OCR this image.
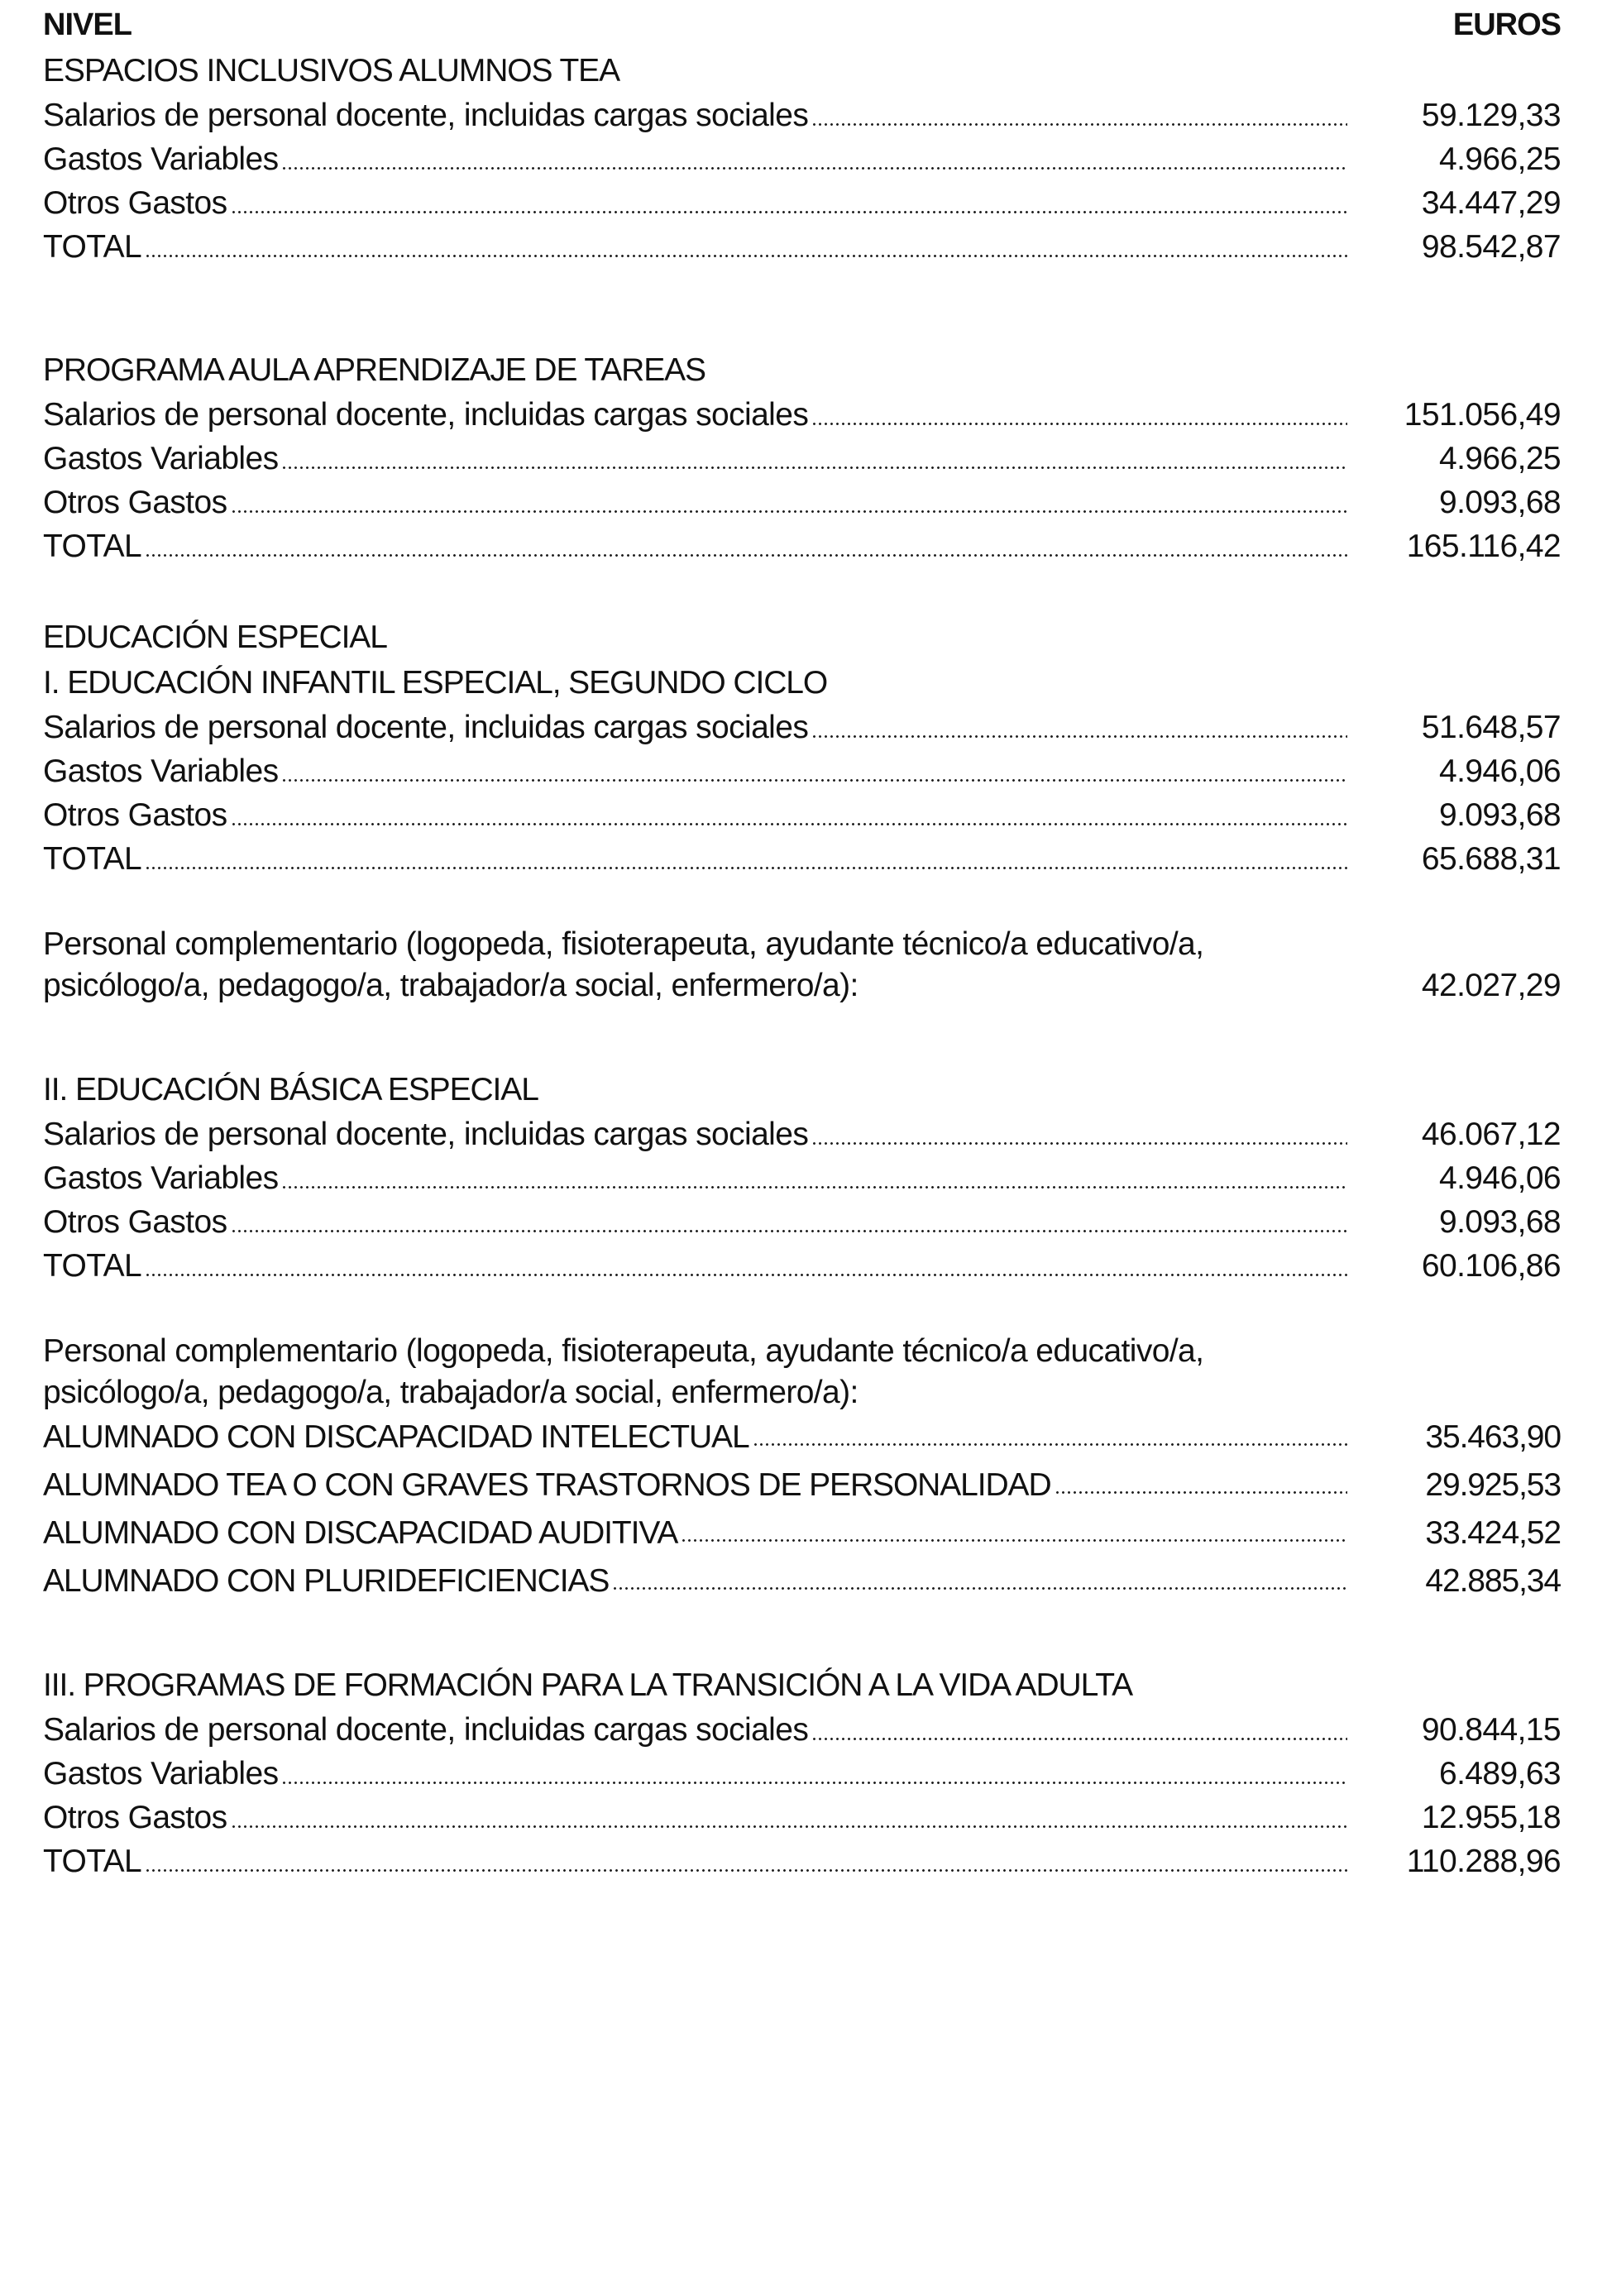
NIVEL	EUROS
ESPACIOS INCLUSIVOS ALUMNOS TEA
Salarios de personal docente, incluidas cargas sociales	59.129,33
Gastos Variables	4.966,25
Otros Gastos	34.447,29
TOTAL	98.542,87
PROGRAMA AULA APRENDIZAJE DE TAREAS
Salarios de personal docente, incluidas cargas sociales	151.056,49
Gastos Variables	4.966,25
Otros Gastos	9.093,68
TOTAL	165.116,42
EDUCACIÓN ESPECIAL
I. EDUCACIÓN INFANTIL ESPECIAL, SEGUNDO CICLO
Salarios de personal docente, incluidas cargas sociales	51.648,57
Gastos Variables	4.946,06
Otros Gastos	9.093,68
TOTAL	65.688,31
Personal complementario (logopeda, fisioterapeuta, ayudante técnico/a educativo/a,
psicólogo/a, pedagogo/a, trabajador/a social, enfermero/a):	42.027,29
II. EDUCACIÓN BÁSICA ESPECIAL
Salarios de personal docente, incluidas cargas sociales	46.067,12
Gastos Variables	4.946,06
Otros Gastos	9.093,68
TOTAL	60.106,86
Personal complementario (logopeda, fisioterapeuta, ayudante técnico/a educativo/a,
psicólogo/a, pedagogo/a, trabajador/a social, enfermero/a):
ALUMNADO CON DISCAPACIDAD INTELECTUAL	35.463,90
ALUMNADO TEA O CON GRAVES TRASTORNOS DE PERSONALIDAD	29.925,53
ALUMNADO CON DISCAPACIDAD AUDITIVA	33.424,52
ALUMNADO CON PLURIDEFICIENCIAS	42.885,34
III. PROGRAMAS DE FORMACIÓN PARA LA TRANSICIÓN A LA VIDA ADULTA
Salarios de personal docente, incluidas cargas sociales	90.844,15
Gastos Variables	6.489,63
Otros Gastos	12.955,18
TOTAL	110.288,96
